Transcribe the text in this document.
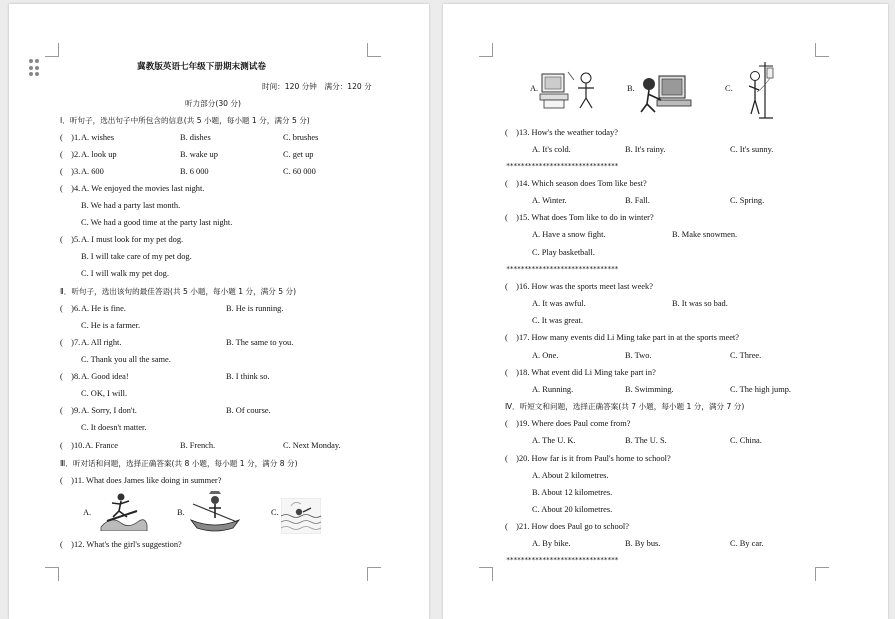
冀教版英语七年级下册期末测试卷
时间：120 分钟　满分：120 分
听力部分(30 分)
Ⅰ．听句子，选出句子中所包含的信息(共 5 小题，每小题 1 分，满分 5 分)
(　)1. A. wishes	B. dishes	C. brushes
(　)2. A. look up	B. wake up	C. get up
(　)3. A. 600	B. 6 000	C. 60 000
(　)4. A. We enjoyed the movies last night.
B. We had a party last month.
C. We had a good time at the party last night.
(　)5. A. I must look for my pet dog.
B. I will take care of my pet dog.
C. I will walk my pet dog.
Ⅱ．听句子，选出该句的最佳答语(共 5 小题，每小题 1 分，满分 5 分)
(　)6. A. He is fine.	B. He is running.
C. He is a farmer.
(　)7. A. All right.	B. The same to you.
C. Thank you all the same.
(　)8. A. Good idea!	B. I think so.
C. OK, I will.
(　)9. A. Sorry, I don't.	B. Of course.
C. It doesn't matter.
(　)10. A. France	B. French.	C. Next Monday.
Ⅲ．听对话和问题，选择正确答案(共 8 小题，每小题 1 分，满分 8 分)
(　)11. What does James like doing in summer?
A.	B.	C.
(　)12. What's the girl's suggestion?
A.	B.	C.
(　)13. How's the weather today?
A. It's cold.	B. It's rainy.	C. It's sunny.
*******************************
(　)14. Which season does Tom like best?
A. Winter.	B. Fall.	C. Spring.
(　)15. What does Tom like to do in winter?
A. Have a snow fight.	B. Make snowmen.
C. Play basketball.
*******************************
(　)16. How was the sports meet last week?
A. It was awful.	B. It was so bad.
C. It was great.
(　)17. How many events did Li Ming take part in at the sports meet?
A. One.	B. Two.	C. Three.
(　)18. What event did Li Ming take part in?
A. Running.	B. Swimming.	C. The high jump.
Ⅳ．听短文和问题，选择正确答案(共 7 小题，每小题 1 分，满分 7 分)
(　)19. Where does Paul come from?
A. The U. K.	B. The U. S.	C. China.
(　)20. How far is it from Paul's home to school?
A. About 2 kilometres.
B. About 12 kilometres.
C. About 20 kilometres.
(　)21. How does Paul go to school?
A. By bike.	B. By bus.	C. By car.
*******************************
